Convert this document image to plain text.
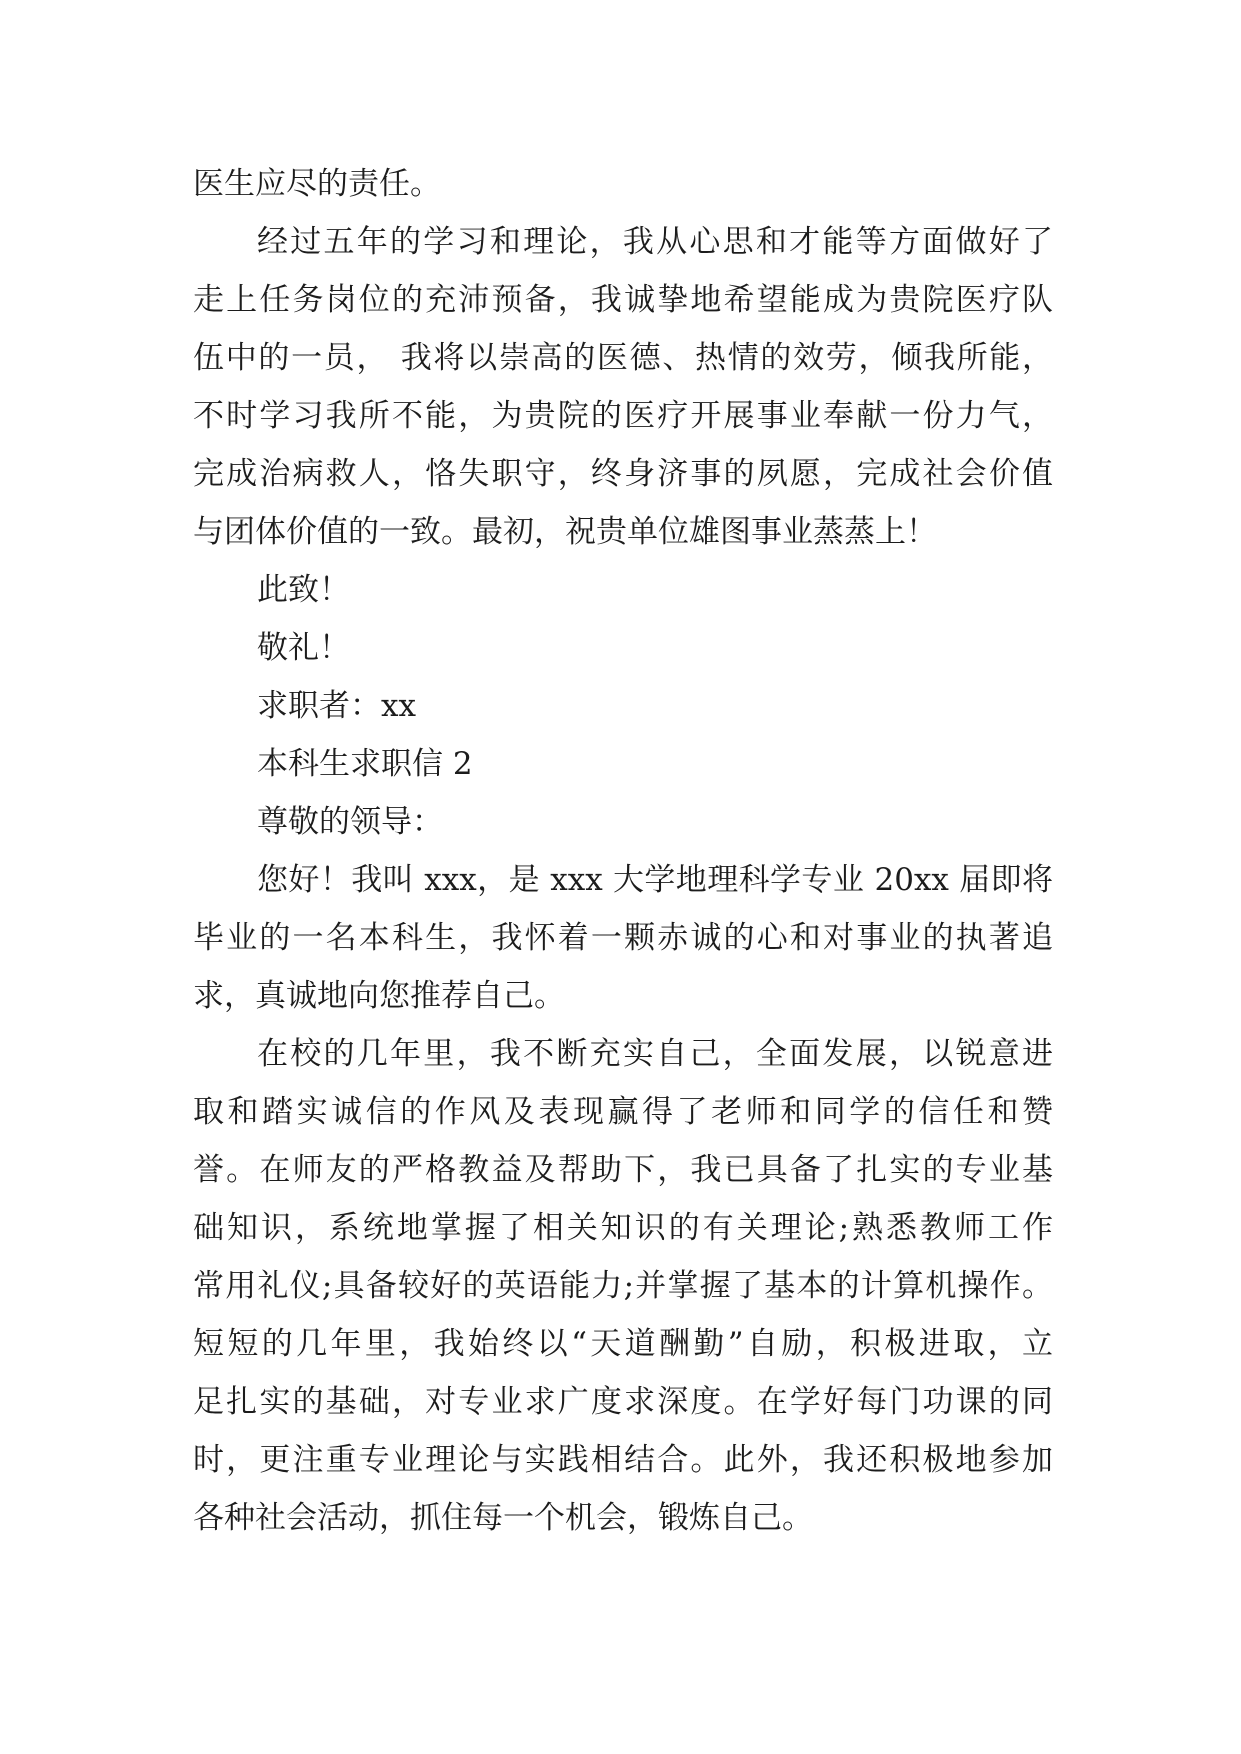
医生应尽的责任。
经过五年的学习和理论，我从心思和才能等方面做好了
走上任务岗位的充沛预备，我诚挚地希望能成为贵院医疗队
伍中的一员， 我将以崇高的医德、热情的效劳，倾我所能，
不时学习我所不能，为贵院的医疗开展事业奉献一份力气，
完成治病救人，恪失职守，终身济事的夙愿，完成社会价值
与团体价值的一致。最初，祝贵单位雄图事业蒸蒸上！
此致！
敬礼！
求职者：xx
本科生求职信 2
尊敬的领导：
您好！我叫 xxx，是 xxx 大学地理科学专业 20xx 届即将
毕业的一名本科生，我怀着一颗赤诚的心和对事业的执著追
求，真诚地向您推荐自己。
在校的几年里，我不断充实自己，全面发展，以锐意进
取和踏实诚信的作风及表现赢得了老师和同学的信任和赞
誉。在师友的严格教益及帮助下，我已具备了扎实的专业基
础知识，系统地掌握了相关知识的有关理论;熟悉教师工作
常用礼仪;具备较好的英语能力;并掌握了基本的计算机操作。
短短的几年里，我始终以“天道酬勤”自励，积极进取，立
足扎实的基础，对专业求广度求深度。在学好每门功课的同
时，更注重专业理论与实践相结合。此外，我还积极地参加
各种社会活动，抓住每一个机会，锻炼自己。
